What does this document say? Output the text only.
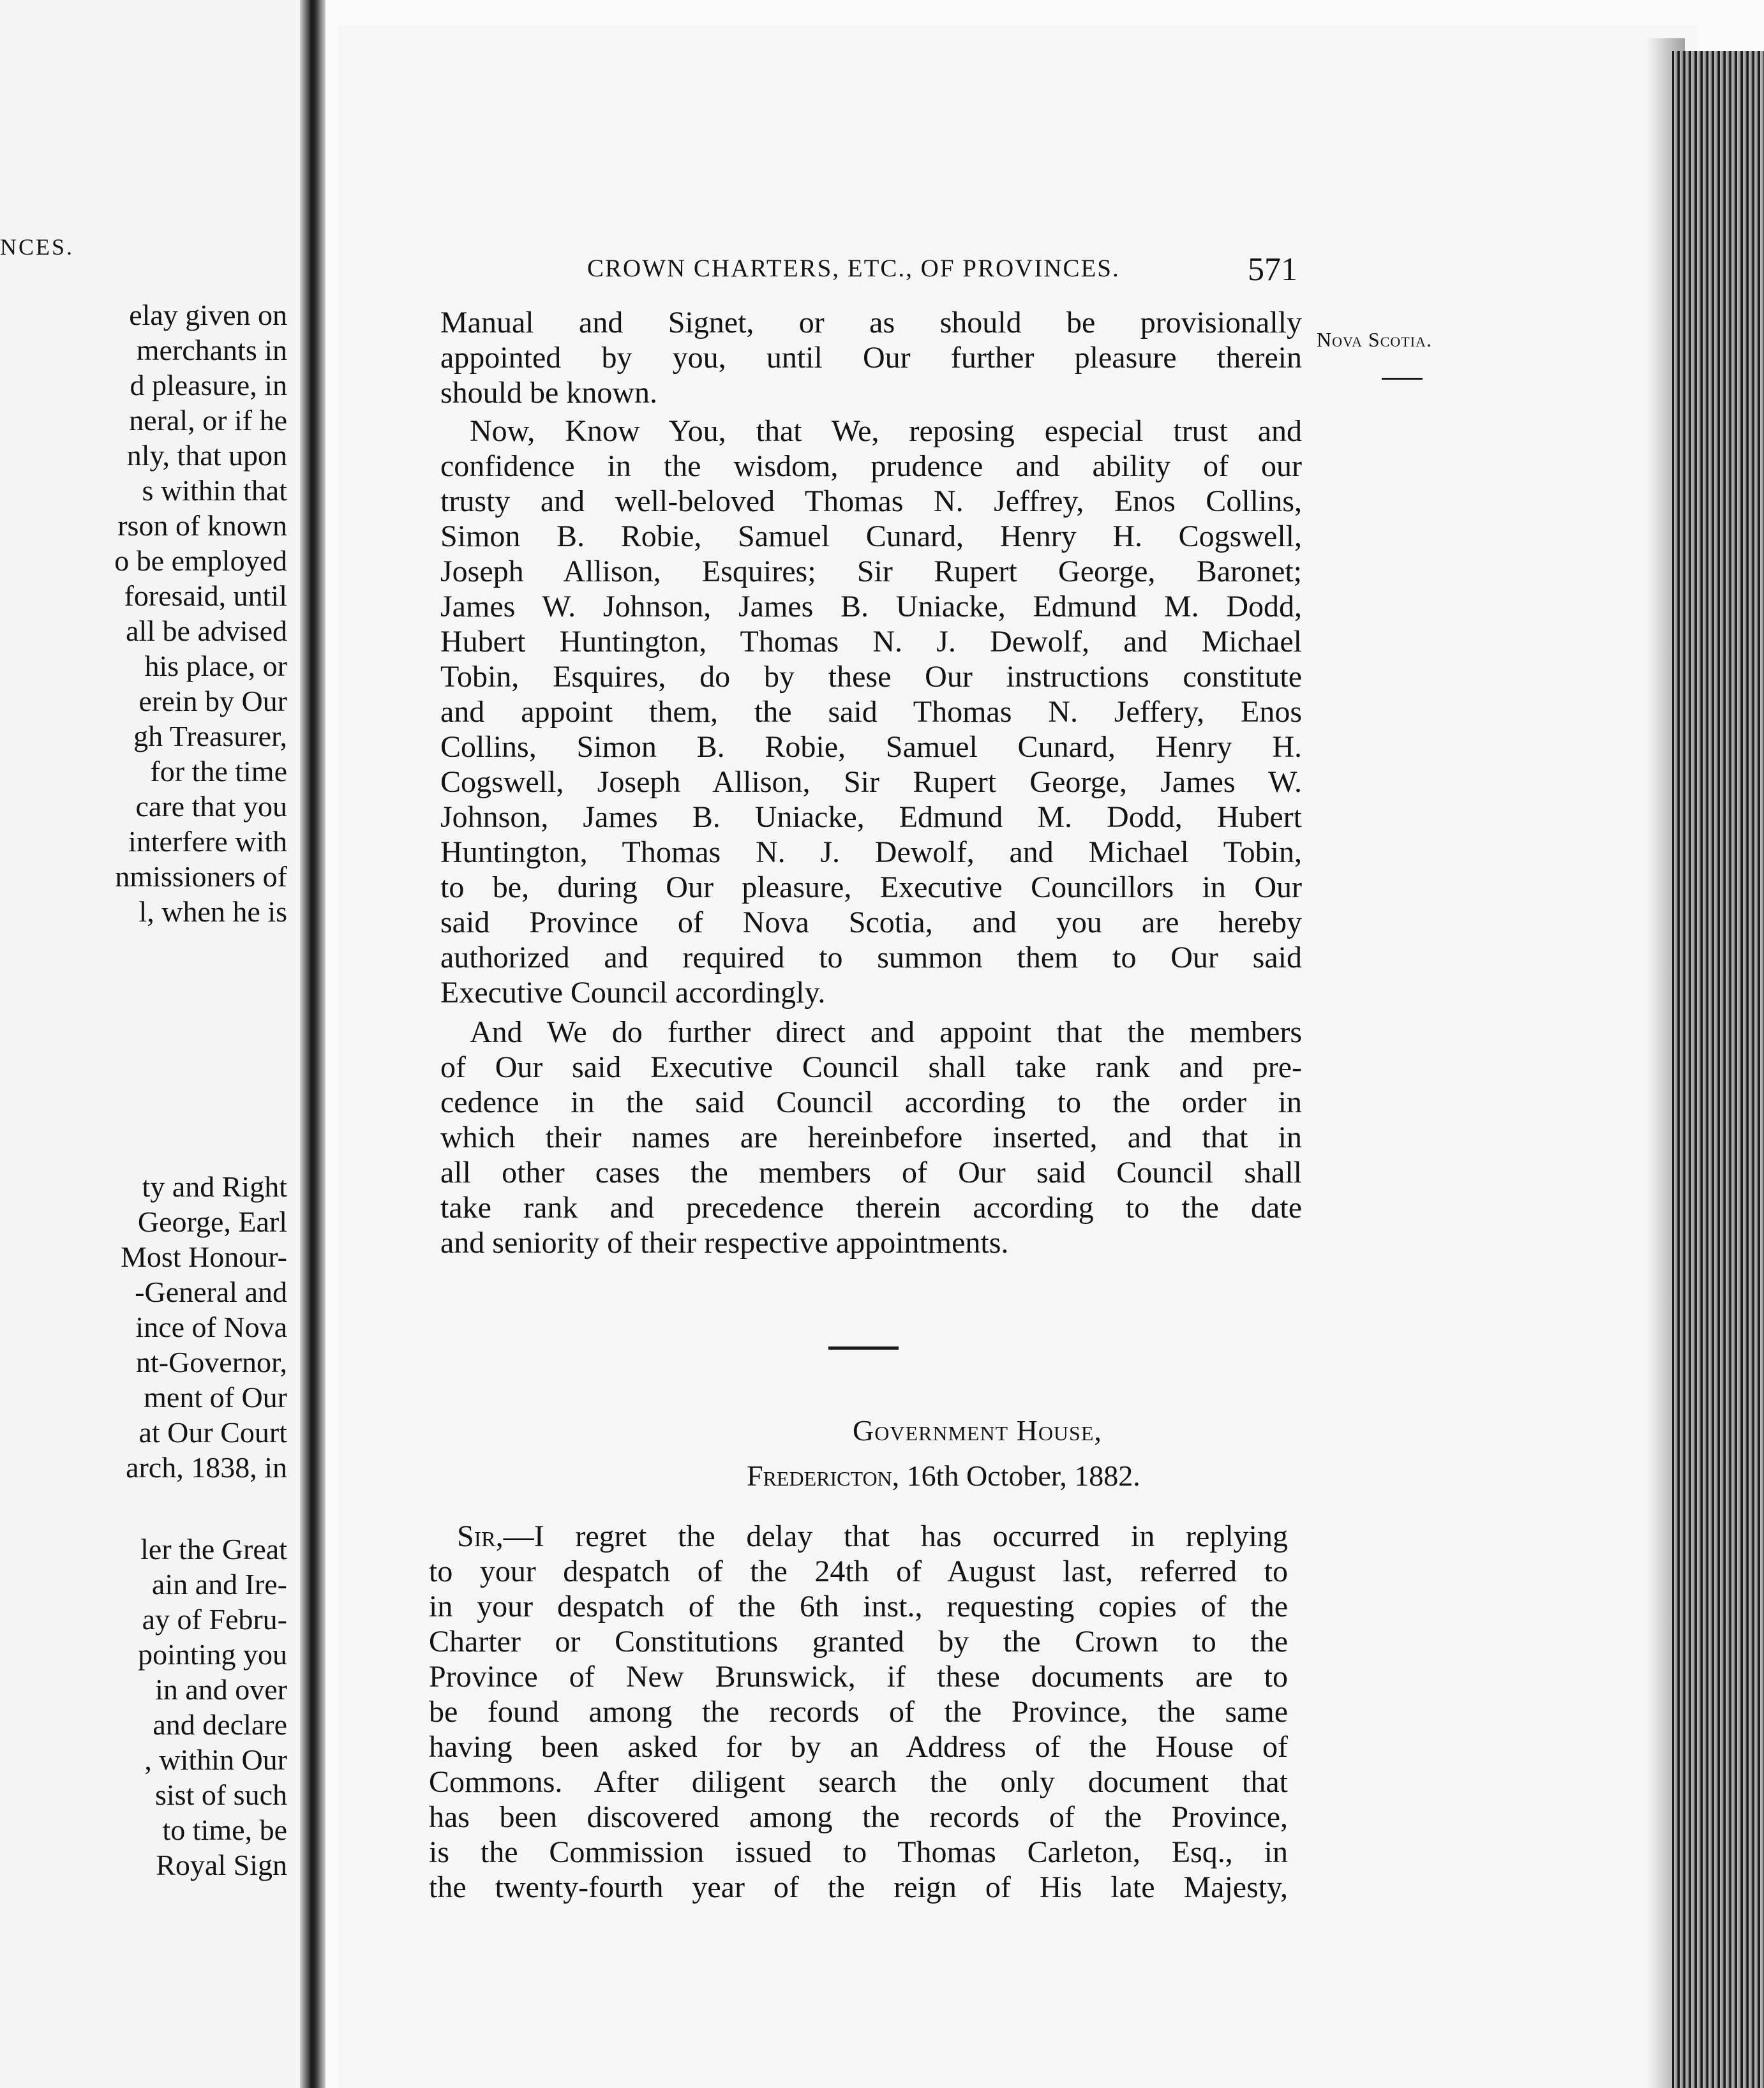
NCES.
elay given on
merchants in
d pleasure, in
neral, or if he
nly, that upon
s within that
rson of known
o be employed
foresaid, until
all be advised
his place, or
erein by Our
gh Treasurer,
for the time
care that you
interfere with
nmissioners of
l, when he is
ty and Right
George, Earl
Most Honour-
-General and
ince of Nova
nt-Governor,
ment of Our
at Our Court
arch, 1838, in
ler the Great
ain and Ire-
ay of Febru-
pointing you
in and over
and declare
, within Our
sist of such
to time, be
Royal Sign
CROWN CHARTERS, ETC., OF PROVINCES.	571
Nova Scotia.
Manual and Signet, or as should be provisionally
appointed by you, until Our further pleasure therein
should be known.
Now, Know You, that We, reposing especial trust and
confidence in the wisdom, prudence and ability of our
trusty and well-beloved Thomas N. Jeffrey, Enos Collins,
Simon B. Robie, Samuel Cunard, Henry H. Cogswell,
Joseph Allison, Esquires; Sir Rupert George, Baronet;
James W. Johnson, James B. Uniacke, Edmund M. Dodd,
Hubert Huntington, Thomas N. J. Dewolf, and Michael
Tobin, Esquires, do by these Our instructions constitute
and appoint them, the said Thomas N. Jeffery, Enos
Collins, Simon B. Robie, Samuel Cunard, Henry H.
Cogswell, Joseph Allison, Sir Rupert George, James W.
Johnson, James B. Uniacke, Edmund M. Dodd, Hubert
Huntington, Thomas N. J. Dewolf, and Michael Tobin,
to be, during Our pleasure, Executive Councillors in Our
said Province of Nova Scotia, and you are hereby
authorized and required to summon them to Our said
Executive Council accordingly.
And We do further direct and appoint that the members
of Our said Executive Council shall take rank and pre-
cedence in the said Council according to the order in
which their names are hereinbefore inserted, and that in
all other cases the members of Our said Council shall
take rank and precedence therein according to the date
and seniority of their respective appointments.
Government House,
Fredericton, 16th October, 1882.
Sir,—I regret the delay that has occurred in replying
to your despatch of the 24th of August last, referred to
in your despatch of the 6th inst., requesting copies of the
Charter or Constitutions granted by the Crown to the
Province of New Brunswick, if these documents are to
be found among the records of the Province, the same
having been asked for by an Address of the House of
Commons. After diligent search the only document that
has been discovered among the records of the Province,
is the Commission issued to Thomas Carleton, Esq., in
the twenty-fourth year of the reign of His late Majesty,
